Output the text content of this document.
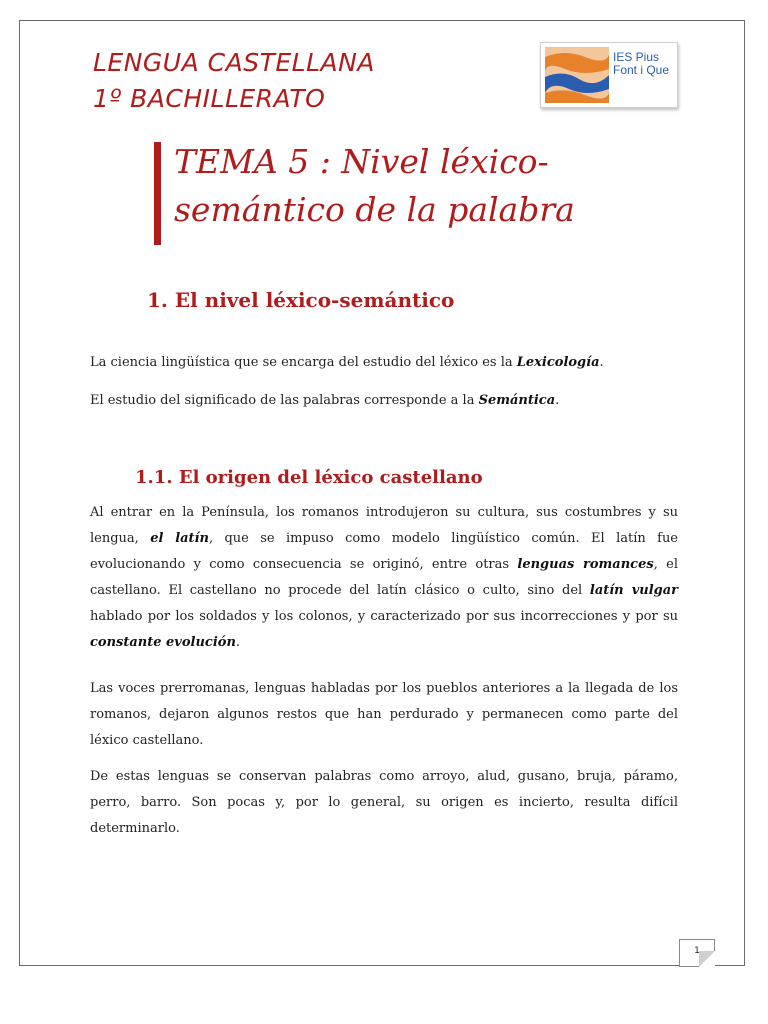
LENGUA CASTELLANA
1º BACHILLERATO
IES Pius
Font i Que
TEMA 5 : Nivel léxico-
semántico de la palabra
1. El nivel léxico-semántico

La ciencia lingüística que se encarga del estudio del léxico es la Lexicología.

El estudio del significado de las palabras corresponde a la Semántica.

1.1. El origen del léxico castellano

Al entrar en la Península, los romanos introdujeron su cultura, sus costumbres y su lengua, el latín, que se impuso como modelo lingüístico común. El latín fue evolucionando y como consecuencia se originó, entre otras lenguas romances, el castellano. El castellano no procede del latín clásico o culto, sino del latín vulgar hablado por los soldados y los colonos, y caracterizado por sus incorrecciones y por su constante evolución.

Las voces prerromanas, lenguas habladas por los pueblos anteriores a la llegada de los romanos, dejaron algunos restos que han perdurado y permanecen como parte del léxico castellano.

De estas lenguas se conservan palabras como arroyo, alud, gusano, bruja, páramo, perro, barro. Son pocas y, por lo general, su origen es incierto, resulta difícil determinarlo.

1
